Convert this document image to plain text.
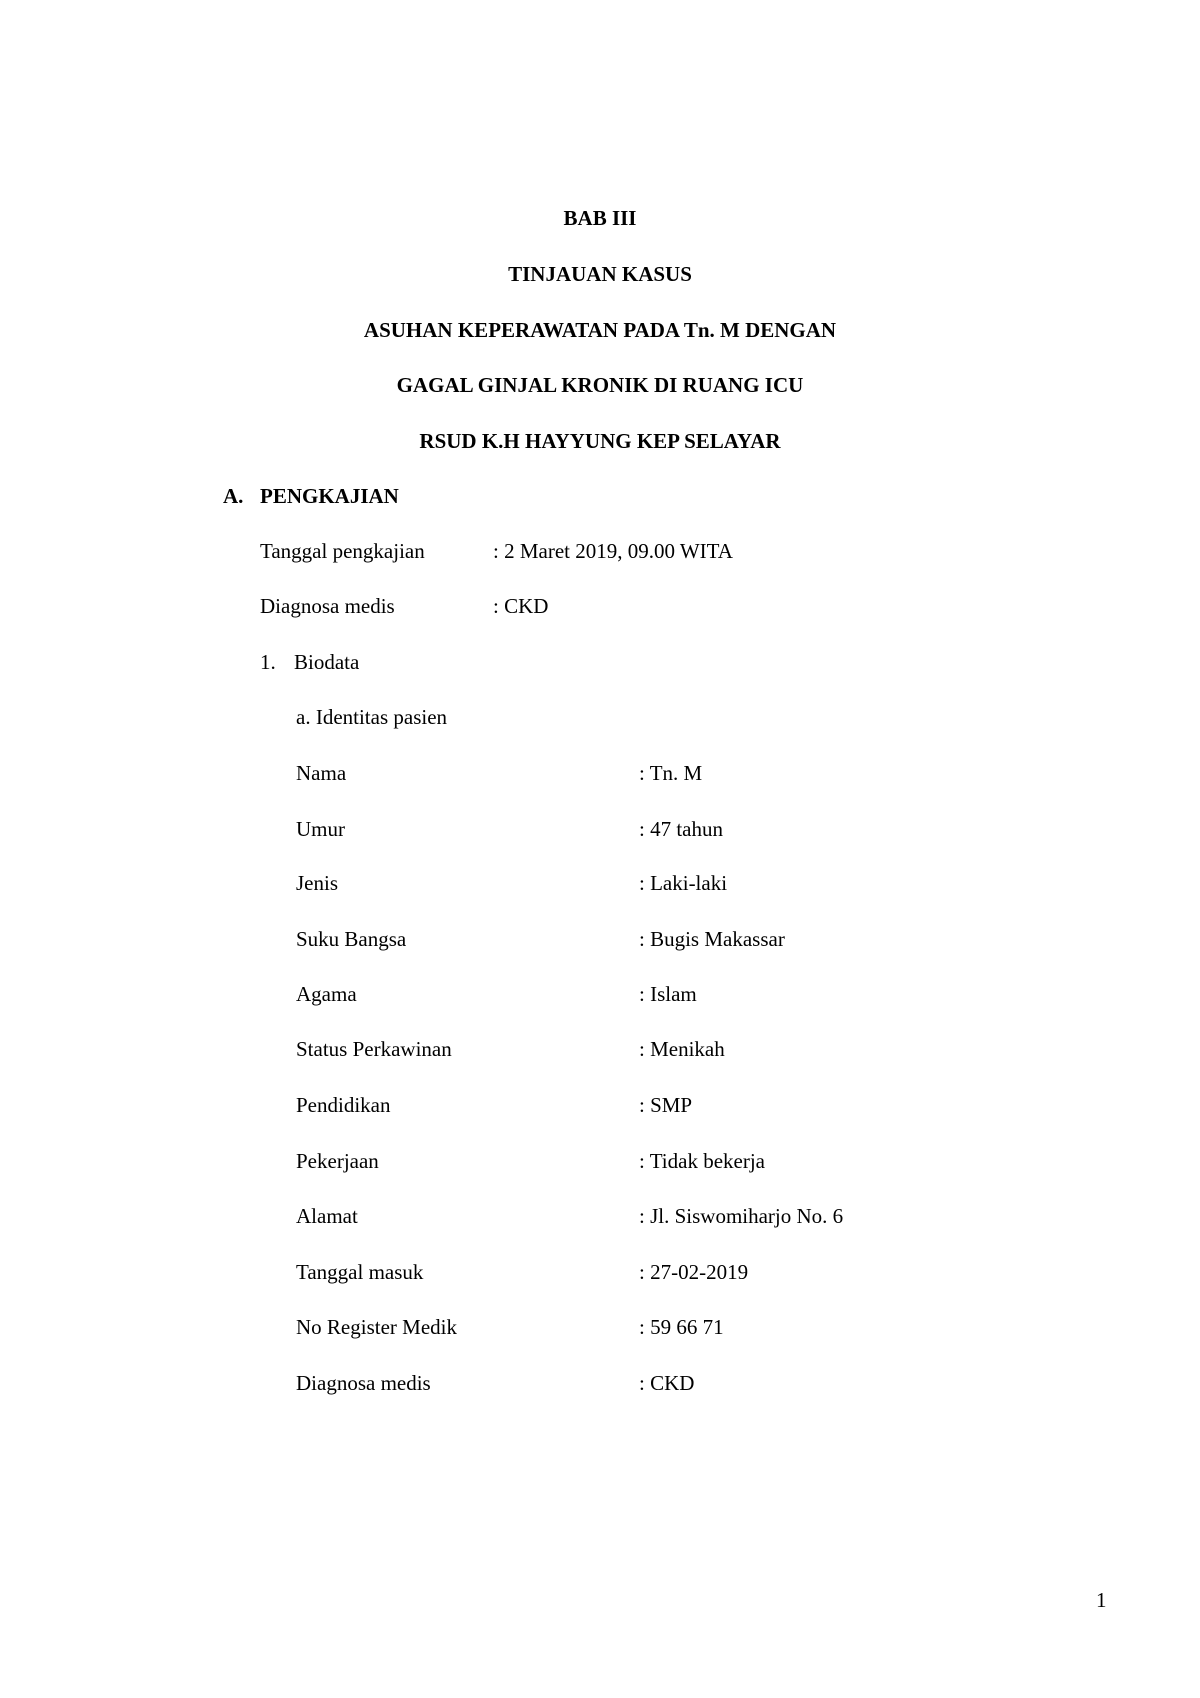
BAB III
TINJAUAN KASUS
ASUHAN KEPERAWATAN PADA Tn. M DENGAN
GAGAL GINJAL KRONIK DI RUANG ICU
RSUD K.H HAYYUNG KEP SELAYAR
A. PENGKAJIAN
Tanggal pengkajian	: 2 Maret 2019, 09.00 WITA
Diagnosa medis	: CKD
1. Biodata
a. Identitas pasien
Nama	: Tn. M
Umur	: 47 tahun
Jenis	: Laki-laki
Suku Bangsa	: Bugis Makassar
Agama	: Islam
Status Perkawinan	: Menikah
Pendidikan	: SMP
Pekerjaan	: Tidak bekerja
Alamat	: Jl. Siswomiharjo No. 6
Tanggal masuk	: 27-02-2019
No Register Medik	: 59 66 71
Diagnosa medis	: CKD
1
